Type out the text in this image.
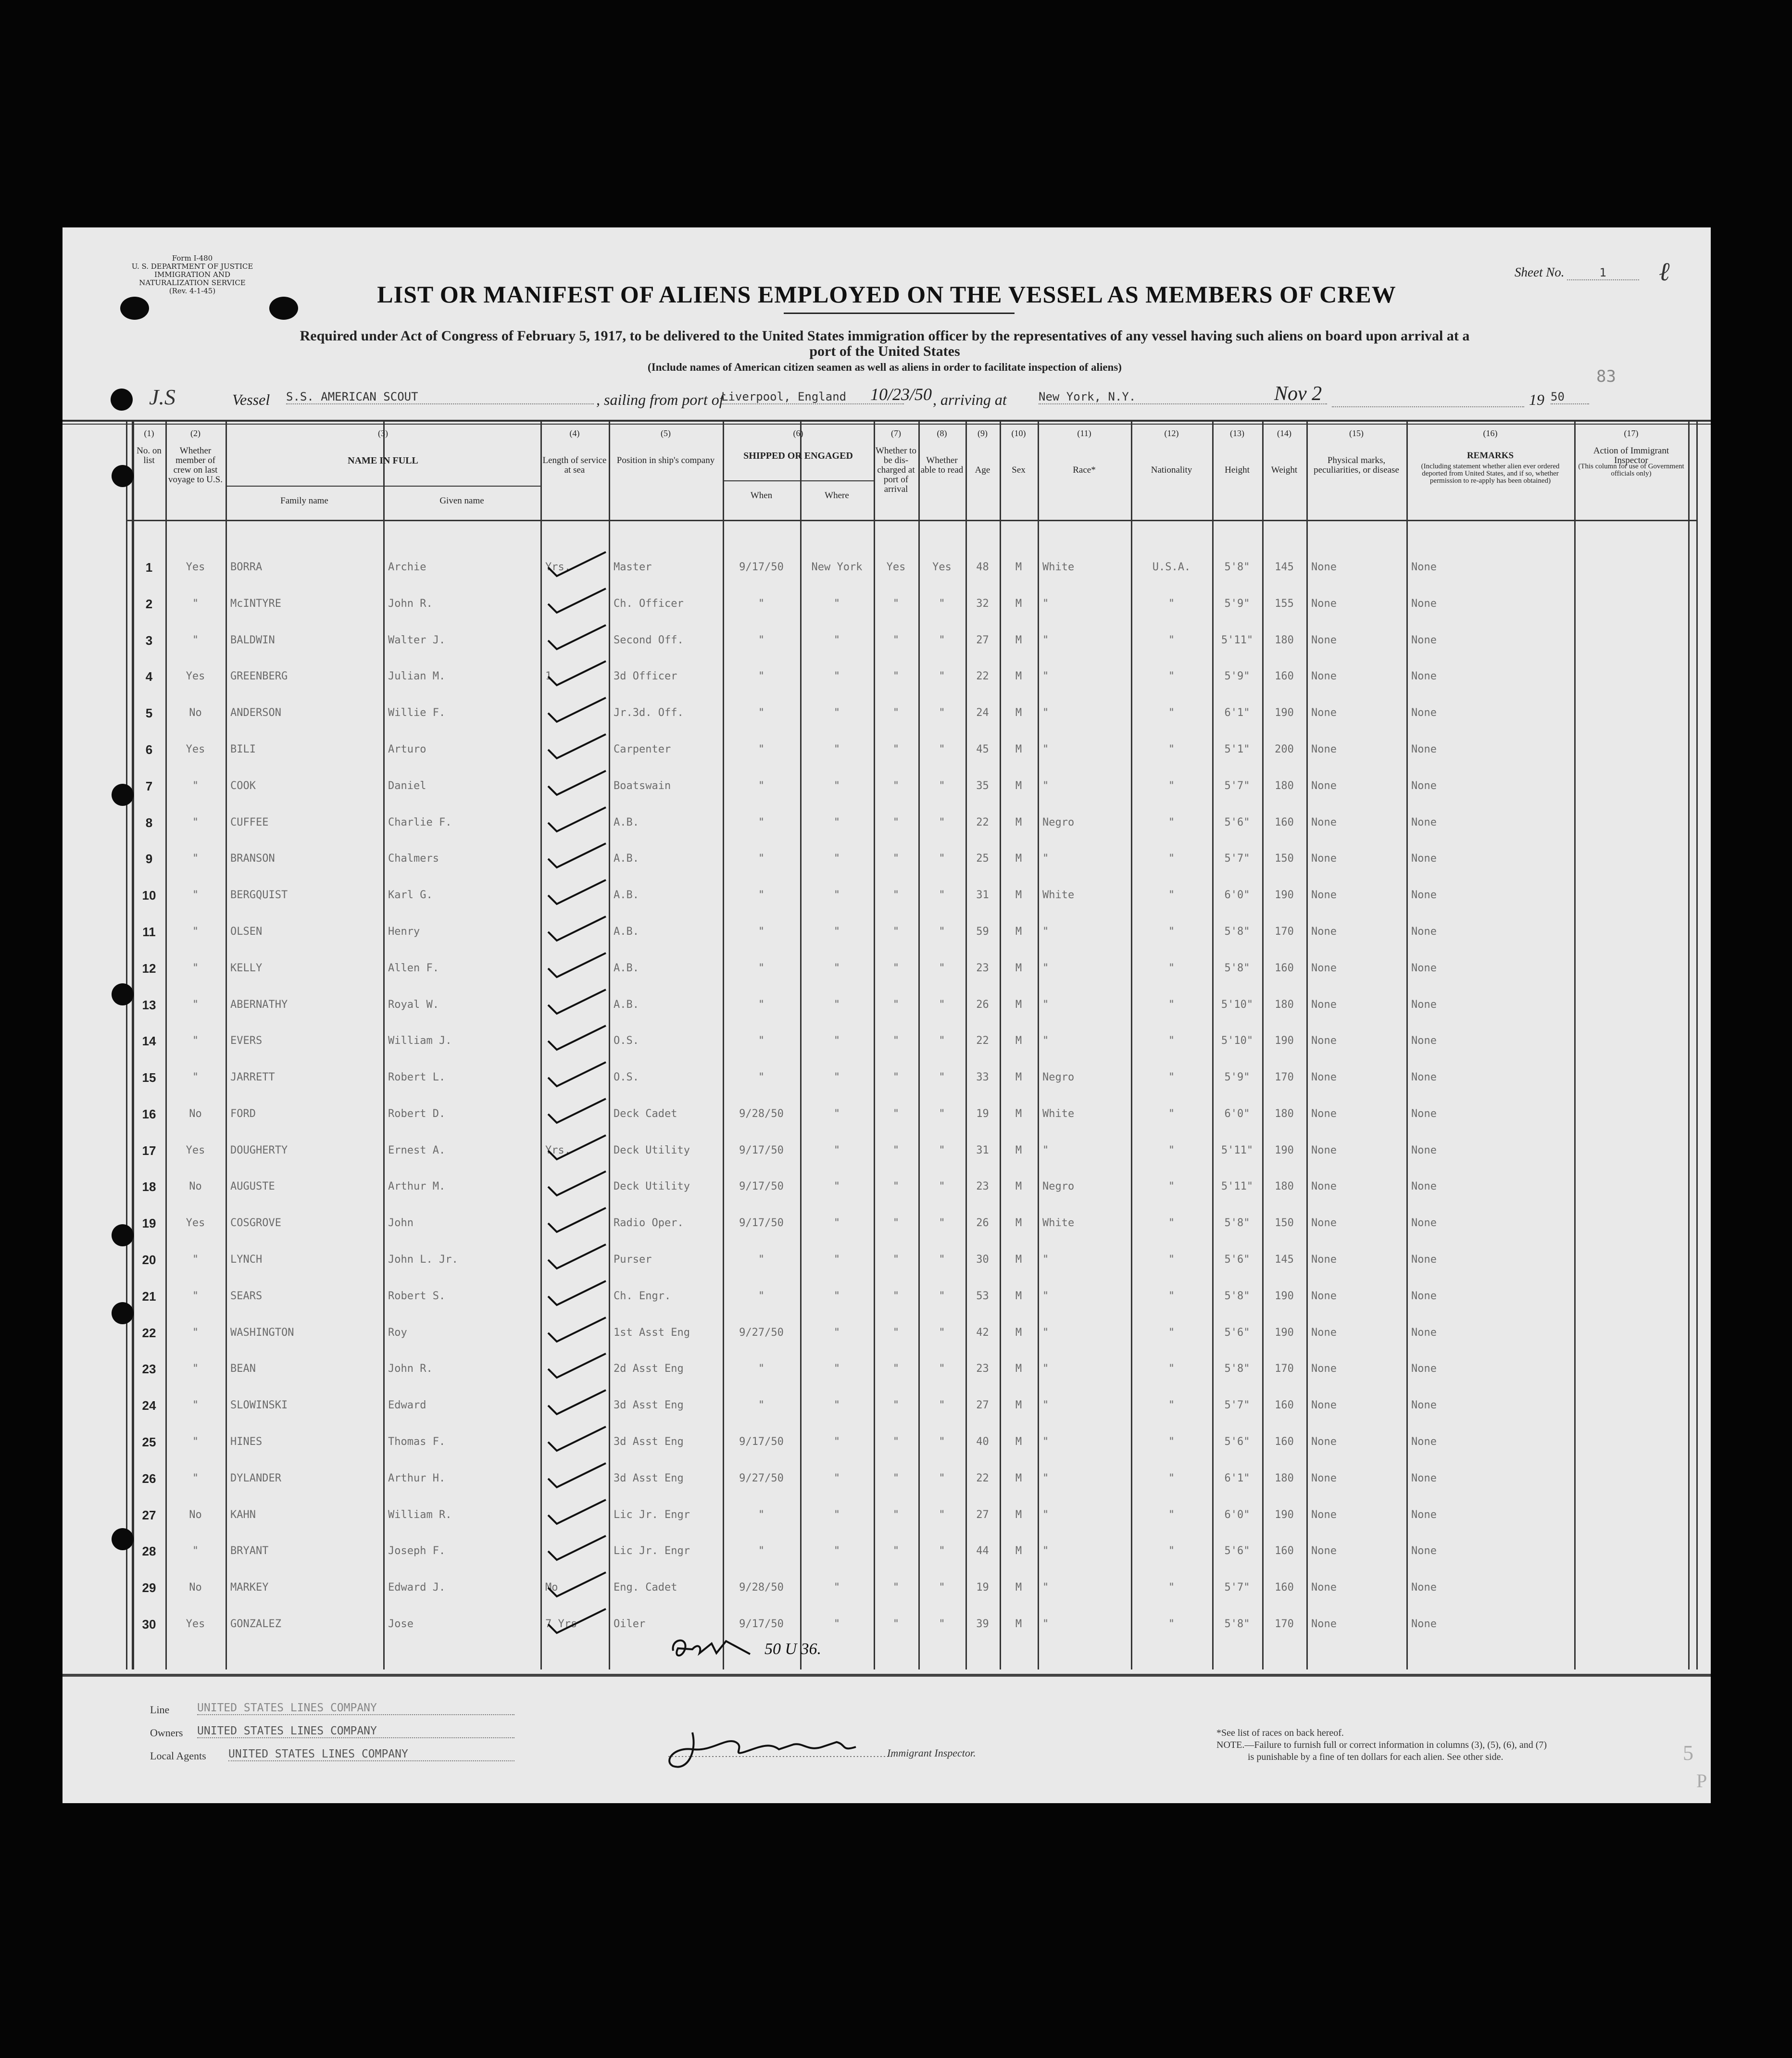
Form I-480
U. S. DEPARTMENT OF JUSTICE
IMMIGRATION AND NATURALIZATION SERVICE
(Rev. 4-1-45)
Sheet No.	1	ℓ
LIST OR MANIFEST OF ALIENS EMPLOYED ON THE VESSEL AS MEMBERS OF CREW
Required under Act of Congress of February 5, 1917, to be delivered to the United States immigration officer by the representatives of any vessel having such aliens on board upon arrival at a
port of the United States
(Include names of American citizen seamen as well as aliens in order to facilitate inspection of aliens)	83
J.S	Vessel S.S. AMERICAN SCOUT	, sailing from port of
Liverpool, England	10/23/50 , arriving at	New York, N.Y.	Nov 2	19 50
(1)
No. on list
(2)
Whether member of crew on last voyage to U.S.
(3)
NAME IN FULL
Family name	Given name
(4)
Length of service at sea
(5)
Position in ship's company
(6)
SHIPPED OR ENGAGED
When	Where
(7)
Whether to be dis-charged at port of arrival
(8)
Whether able to read
(9)
Age
(10)
Sex
(11)
Race*
(12)
Nationality
(13)
Height
(14)
Weight
(15)
Physical marks, peculiarities, or disease
(16)
REMARKS
(Including statement whether alien ever ordered deported from United States, and if so, whether permission to re-apply has been obtained)
(17)
Action of Immigrant Inspector
(This column for use of Government officials only)
1	Yes	BORRA	Archie	Yrs.	Master	9/17/50	New York	Yes	Yes	48	M	White	U.S.A.	5'8"	145	None	None
2	"	McINTYRE	John R.	Ch. Officer	"	"	"	"	32	M	"	"	5'9"	155	None	None
3	"	BALDWIN	Walter J.	Second Off.	"	"	"	"	27	M	"	"	5'11"	180	None	None
4	Yes	GREENBERG	Julian M.	1	3d Officer	"	"	"	"	22	M	"	"	5'9"	160	None	None
5	No	ANDERSON	Willie F.	Jr.3d. Off.	"	"	"	"	24	M	"	"	6'1"	190	None	None
6	Yes	BILI	Arturo	Carpenter	"	"	"	"	45	M	"	"	5'1"	200	None	None
7	"	COOK	Daniel	Boatswain	"	"	"	"	35	M	"	"	5'7"	180	None	None
8	"	CUFFEE	Charlie F.	A.B.	"	"	"	"	22	M	Negro	"	5'6"	160	None	None
9	"	BRANSON	Chalmers	A.B.	"	"	"	"	25	M	"	"	5'7"	150	None	None
10	"	BERGQUIST	Karl G.	A.B.	"	"	"	"	31	M	White	"	6'0"	190	None	None
11	"	OLSEN	Henry	A.B.	"	"	"	"	59	M	"	"	5'8"	170	None	None
12	"	KELLY	Allen F.	A.B.	"	"	"	"	23	M	"	"	5'8"	160	None	None
13	"	ABERNATHY	Royal W.	A.B.	"	"	"	"	26	M	"	"	5'10"	180	None	None
14	"	EVERS	William J.	O.S.	"	"	"	"	22	M	"	"	5'10"	190	None	None
15	"	JARRETT	Robert L.	O.S.	"	"	"	"	33	M	Negro	"	5'9"	170	None	None
16	No	FORD	Robert D.	Deck Cadet	9/28/50	"	"	"	19	M	White	"	6'0"	180	None	None
17	Yes	DOUGHERTY	Ernest A.	Yrs.	Deck Utility	9/17/50	"	"	"	31	M	"	"	5'11"	190	None	None
18	No	AUGUSTE	Arthur M.	Deck Utility	9/17/50	"	"	"	23	M	Negro	"	5'11"	180	None	None
19	Yes	COSGROVE	John	Radio Oper.	9/17/50	"	"	"	26	M	White	"	5'8"	150	None	None
20	"	LYNCH	John L. Jr.	Purser	"	"	"	"	30	M	"	"	5'6"	145	None	None
21	"	SEARS	Robert S.	Ch. Engr.	"	"	"	"	53	M	"	"	5'8"	190	None	None
22	"	WASHINGTON	Roy	1st Asst Eng	9/27/50	"	"	"	42	M	"	"	5'6"	190	None	None
23	"	BEAN	John R.	2d Asst Eng	"	"	"	"	23	M	"	"	5'8"	170	None	None
24	"	SLOWINSKI	Edward	3d Asst Eng	"	"	"	"	27	M	"	"	5'7"	160	None	None
25	"	HINES	Thomas F.	3d Asst Eng	9/17/50	"	"	"	40	M	"	"	5'6"	160	None	None
26	"	DYLANDER	Arthur H.	3d Asst Eng	9/27/50	"	"	"	22	M	"	"	6'1"	180	None	None
27	No	KAHN	William R.	Lic Jr. Engr	"	"	"	"	27	M	"	"	6'0"	190	None	None
28	"	BRYANT	Joseph F.	Lic Jr. Engr	"	"	"	"	44	M	"	"	5'6"	160	None	None
29	No	MARKEY	Edward J.	Mo	Eng. Cadet	9/28/50	"	"	"	19	M	"	"	5'7"	160	None	None
30	Yes	GONZALEZ	Jose	7 Yrs	Oiler	9/17/50	"	"	"	39	M	"	"	5'8"	170	None	None
50 U 36.
Line	UNITED STATES LINES COMPANY
Owners UNITED STATES LINES COMPANY
Local Agents UNITED STATES LINES COMPANY	Immigrant Inspector.
*See list of races on back hereof.
NOTE.—Failure to furnish full or correct information in columns (3), (5), (6), and (7)
is punishable by a fine of ten dollars for each alien. See other side.	5
P
